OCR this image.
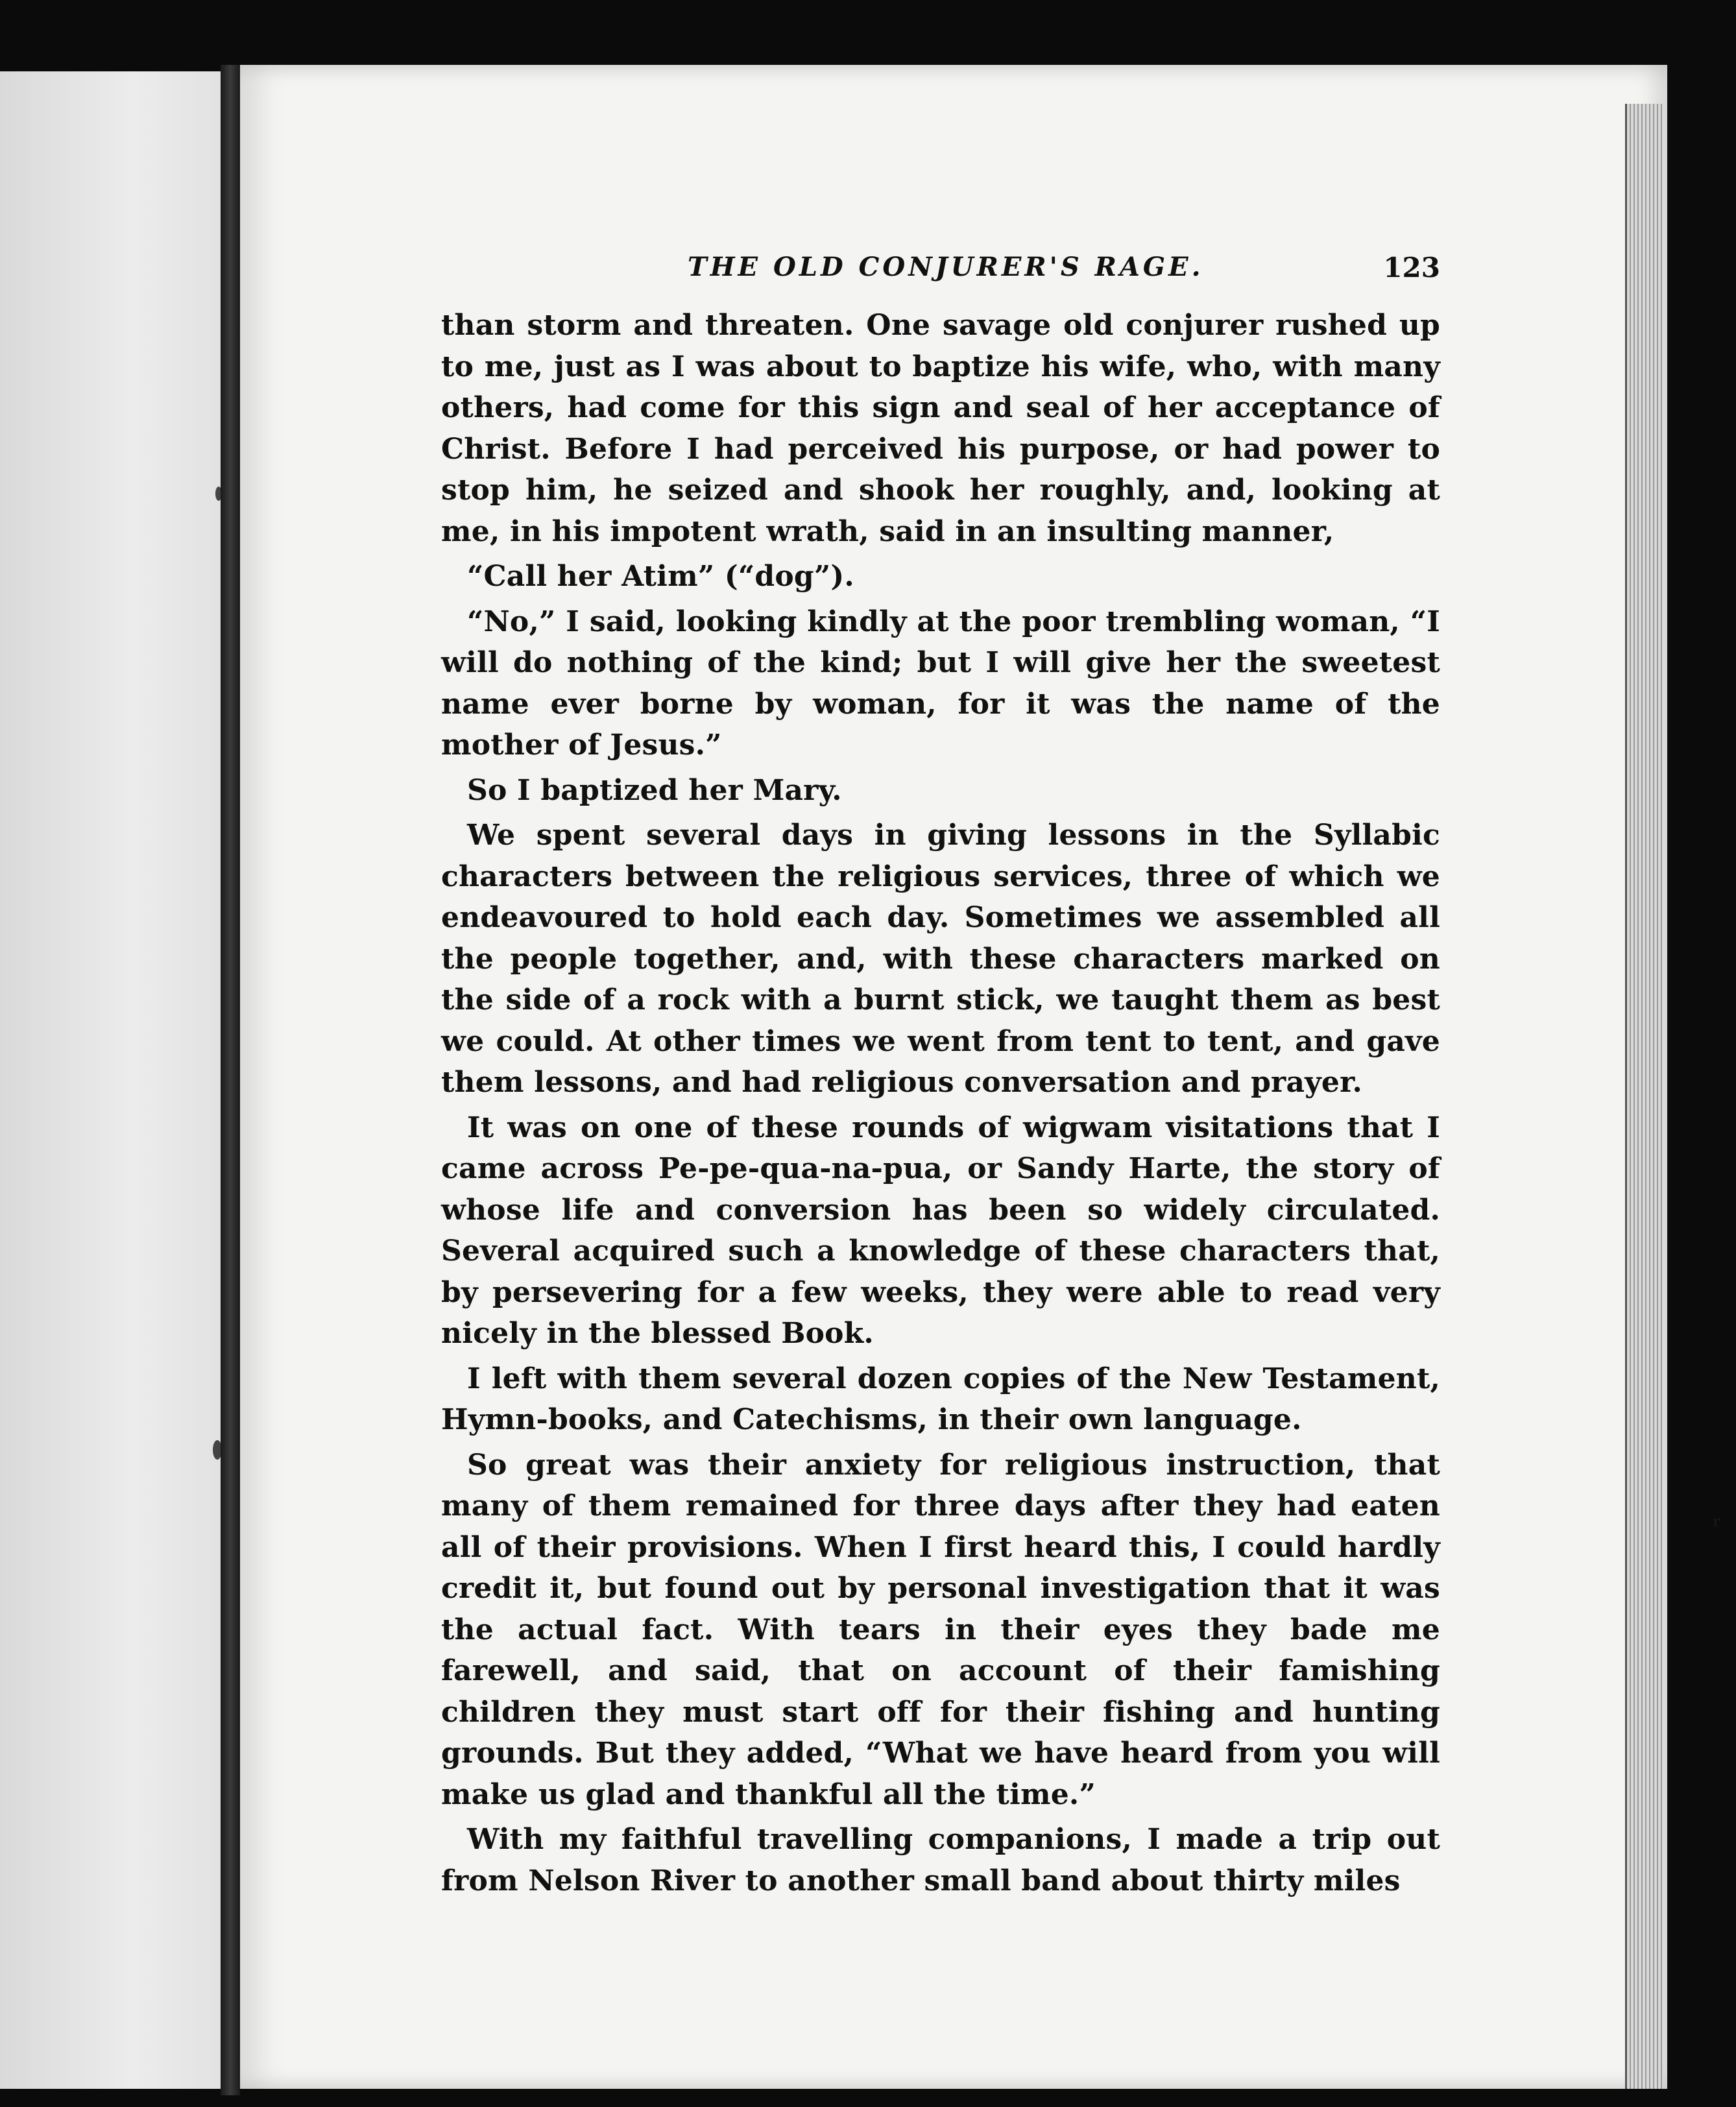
ʳ
THE OLD CONJURER'S RAGE.	123

than storm and threaten. One savage old conjurer rushed up to me, just as I was about to baptize his wife, who, with many others, had come for this sign and seal of her acceptance of Christ. Before I had perceived his purpose, or had power to stop him, he seized and shook her roughly, and, looking at me, in his impotent wrath, said in an insulting manner,

“Call her Atim” (“dog”).

“No,” I said, looking kindly at the poor trembling woman, “I will do nothing of the kind; but I will give her the sweetest name ever borne by woman, for it was the name of the mother of Jesus.”

So I baptized her Mary.

We spent several days in giving lessons in the Syllabic characters between the religious services, three of which we endeavoured to hold each day. Sometimes we assembled all the people together, and, with these characters marked on the side of a rock with a burnt stick, we taught them as best we could. At other times we went from tent to tent, and gave them lessons, and had religious conversation and prayer.

It was on one of these rounds of wigwam visitations that I came across Pe-pe-qua-na-pua, or Sandy Harte, the story of whose life and conversion has been so widely circulated. Several acquired such a knowledge of these characters that, by persevering for a few weeks, they were able to read very nicely in the blessed Book.

I left with them several dozen copies of the New Testament, Hymn-books, and Catechisms, in their own language.

So great was their anxiety for religious instruction, that many of them remained for three days after they had eaten all of their provisions. When I first heard this, I could hardly credit it, but found out by personal investigation that it was the actual fact. With tears in their eyes they bade me farewell, and said, that on account of their famishing children they must start off for their fishing and hunting grounds. But they added, “What we have heard from you will make us glad and thankful all the time.”

With my faithful travelling companions, I made a trip out from Nelson River to another small band about thirty miles
